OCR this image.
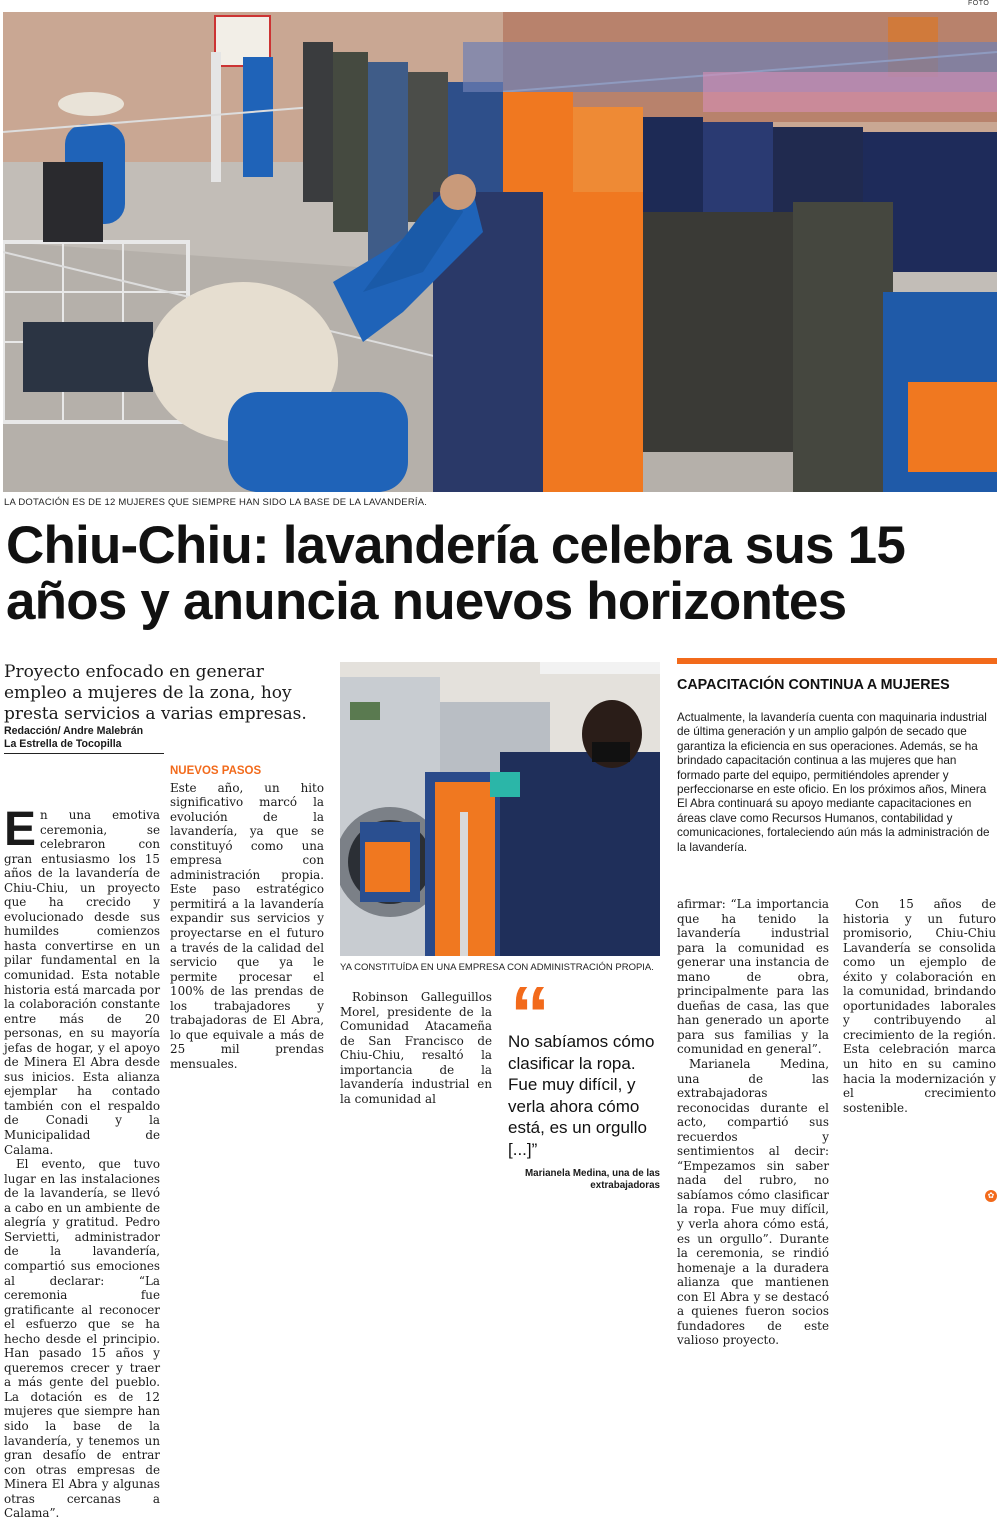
FOTO
LA DOTACIÓN ES DE 12 MUJERES QUE SIEMPRE HAN SIDO LA BASE DE LA LAVANDERÍA.
Chiu-Chiu: lavandería celebra sus 15 años y anuncia nuevos horizontes
Proyecto enfocado en generar empleo a mujeres de la zona, hoy presta servicios a varias empresas.
Redacción/ Andre Malebrán
La Estrella de Tocopilla

En una emotiva ceremonia, se celebraron con gran entusiasmo los 15 años de la lavandería de Chiu-Chiu, un proyecto que ha crecido y evolucionado desde sus humildes comienzos hasta convertirse en un pilar fundamental en la comunidad. Esta notable historia está marcada por la colaboración constante entre más de 20 personas, en su mayoría jefas de hogar, y el apoyo de Minera El Abra desde sus inicios. Esta alianza ejemplar ha contado también con el respaldo de Conadi y la Municipalidad de Calama.

El evento, que tuvo lugar en las instalaciones de la lavandería, se llevó a cabo en un ambiente de alegría y gratitud. Pedro Servietti, administrador de la lavandería, compartió sus emociones al declarar: “La ceremonia fue gratificante al reconocer el esfuerzo que se ha hecho desde el principio. Han pasado 15 años y queremos crecer y traer a más gente del pueblo. La dotación es de 12 mujeres que siempre han sido la base de la lavandería, y tenemos un gran desafío de entrar con otras empresas de Minera El Abra y algunas otras cercanas a Calama”.

NUEVOS PASOS
Este año, un hito significativo marcó la evolución de la lavandería, ya que se constituyó como una empresa con administración propia. Este paso estratégico permitirá a la lavandería expandir sus servicios y proyectarse en el futuro a través de la calidad del servicio que ya le permite procesar el 100% de las prendas de los trabajadores y trabajadoras de El Abra, lo que equivale a más de 25 mil prendas mensuales.

Robinson Galleguillos Morel, presidente de la Comunidad Atacameña de San Francisco de Chiu-Chiu, resaltó la importancia de la lavandería industrial en la comunidad al

YA CONSTITUÍDA EN UNA EMPRESA CON ADMINISTRACIÓN PROPIA.
“
No sabíamos cómo clasificar la ropa. Fue muy difícil, y verla ahora cómo está, es un orgullo [...]”
Marianela Medina, una de las extrabajadoras
CAPACITACIÓN CONTINUA A MUJERES
Actualmente, la lavandería cuenta con maquinaria industrial de última generación y un amplio galpón de secado que garantiza la eficiencia en sus operaciones. Además, se ha brindado capacitación continua a las mujeres que han formado parte del equipo, permitiéndoles aprender y perfeccionarse en este oficio. En los próximos años, Minera El Abra continuará su apoyo mediante capacitaciones en áreas clave como Recursos Humanos, contabilidad y comunicaciones, fortaleciendo aún más la administración de la lavandería.

afirmar: “La importancia que ha tenido la lavandería industrial para la comunidad es generar una instancia de mano de obra, principalmente para las dueñas de casa, las que han generado un aporte para sus familias y la comunidad en general”.

Marianela Medina, una de las extrabajadoras reconocidas durante el acto, compartió sus recuerdos y sentimientos al decir: “Empezamos sin saber nada del rubro, no sabíamos cómo clasificar la ropa. Fue muy difícil, y verla ahora cómo está, es un orgullo”. Durante la ceremonia, se rindió homenaje a la duradera alianza que mantienen con El Abra y se destacó a quienes fueron socios fundadores de este valioso proyecto.

Con 15 años de historia y un futuro promisorio, Chiu-Chiu Lavandería se consolida como un ejemplo de éxito y colaboración en la comunidad, brindando oportunidades laborales y contribuyendo al crecimiento de la región. Esta celebración marca un hito en su camino hacia la modernización y el crecimiento sostenible.

✿
